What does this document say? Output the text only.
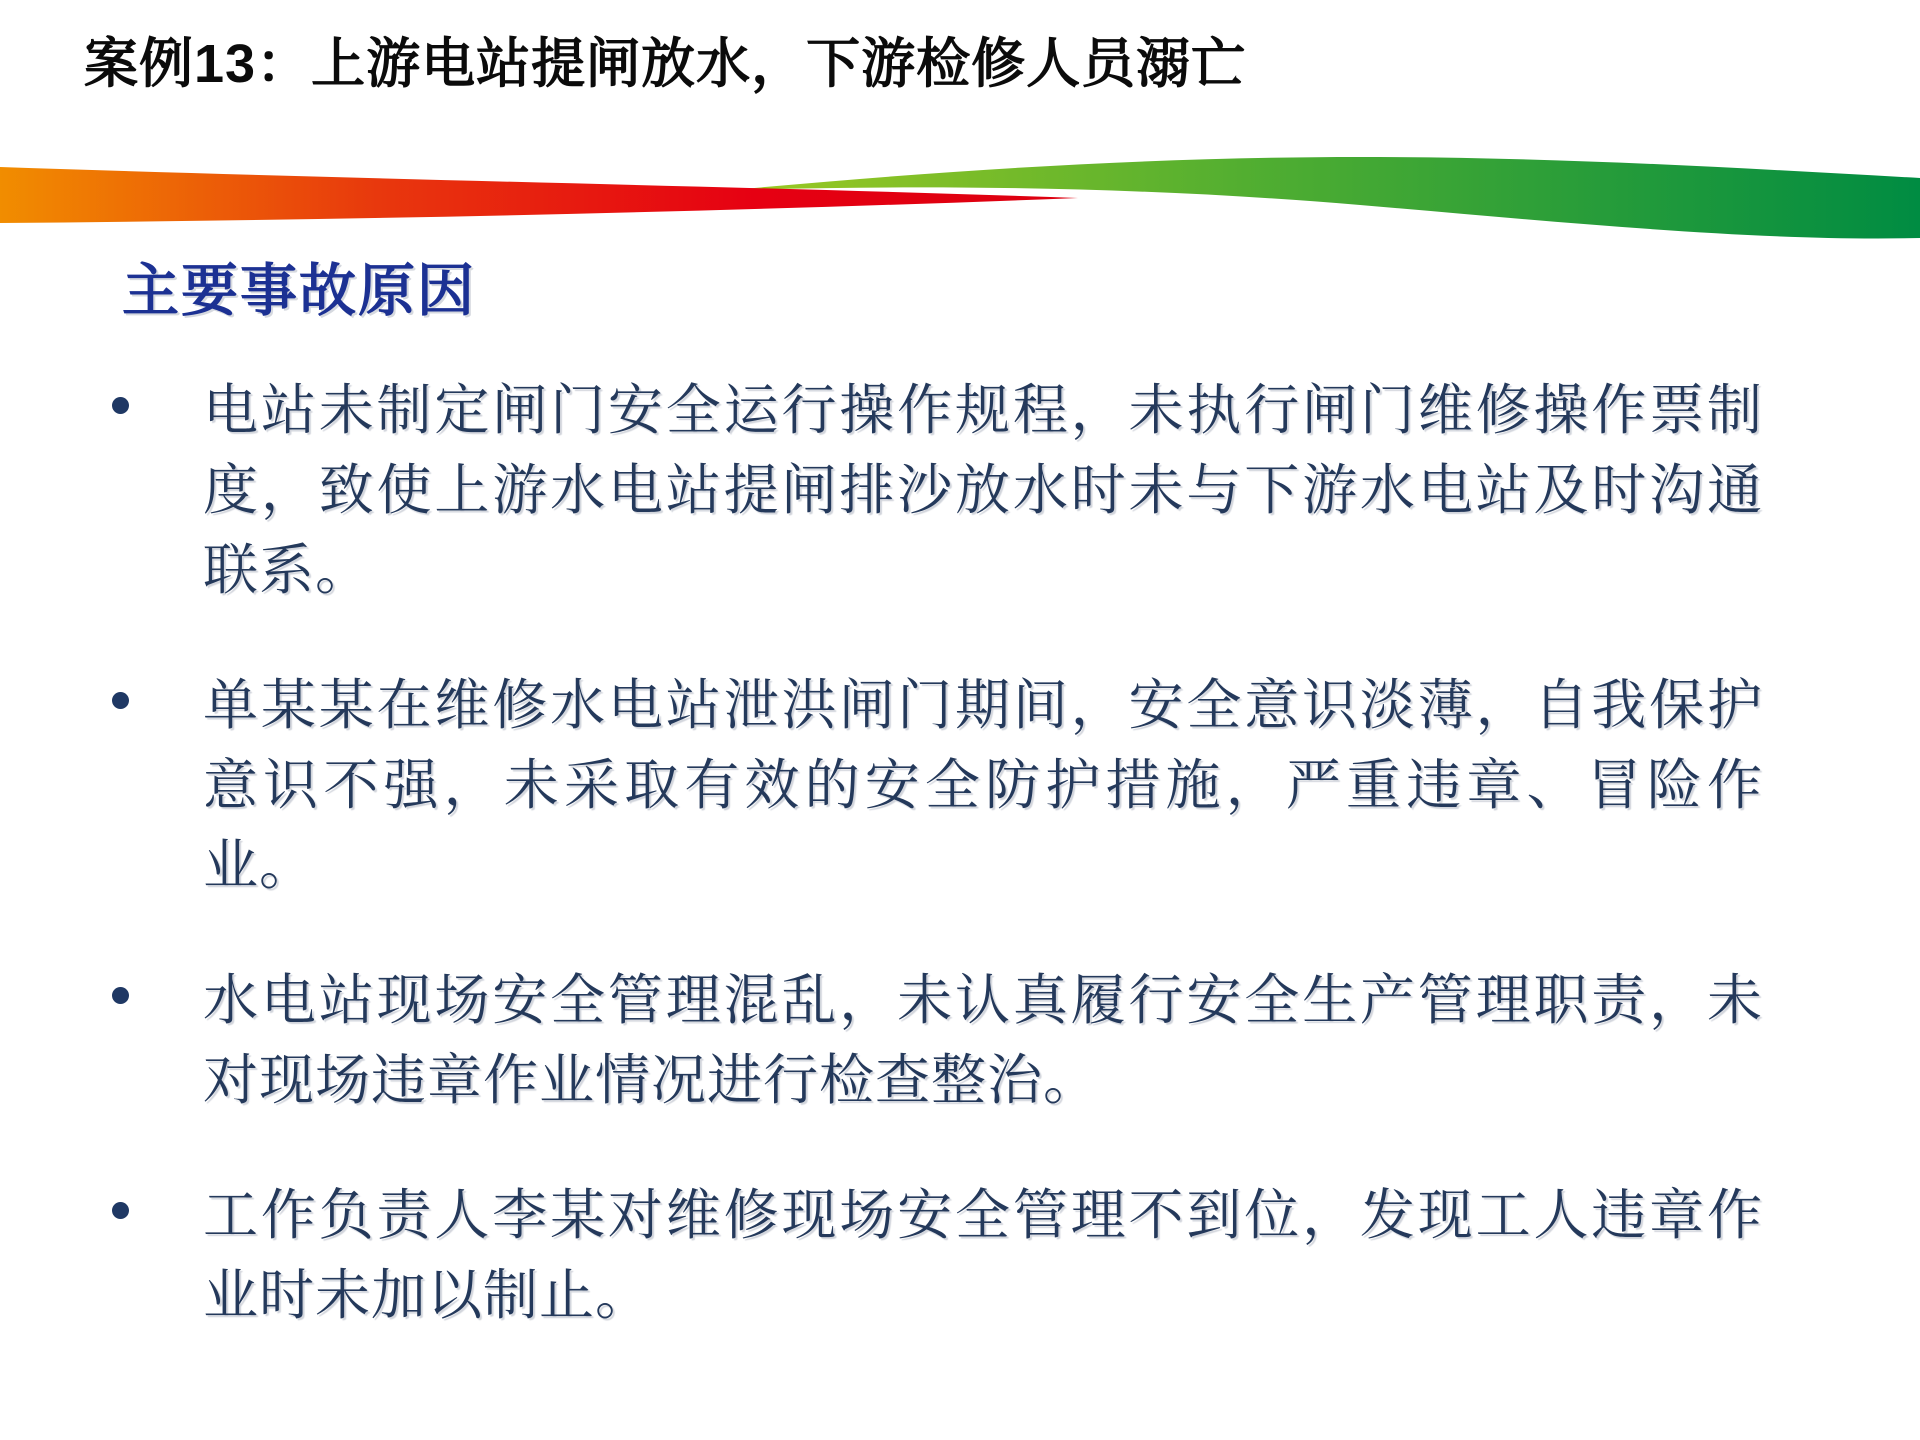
案例13：上游电站提闸放水，下游检修人员溺亡
主要事故原因
电站未制定闸门安全运行操作规程，未执行闸门维修操作票制度，致使上游水电站提闸排沙放水时未与下游水电站及时沟通联系。
单某某在维修水电站泄洪闸门期间，安全意识淡薄，自我保护意识不强，未采取有效的安全防护措施，严重违章、冒险作业。
水电站现场安全管理混乱，未认真履行安全生产管理职责，未对现场违章作业情况进行检查整治。
工作负责人李某对维修现场安全管理不到位，发现工人违章作业时未加以制止。
